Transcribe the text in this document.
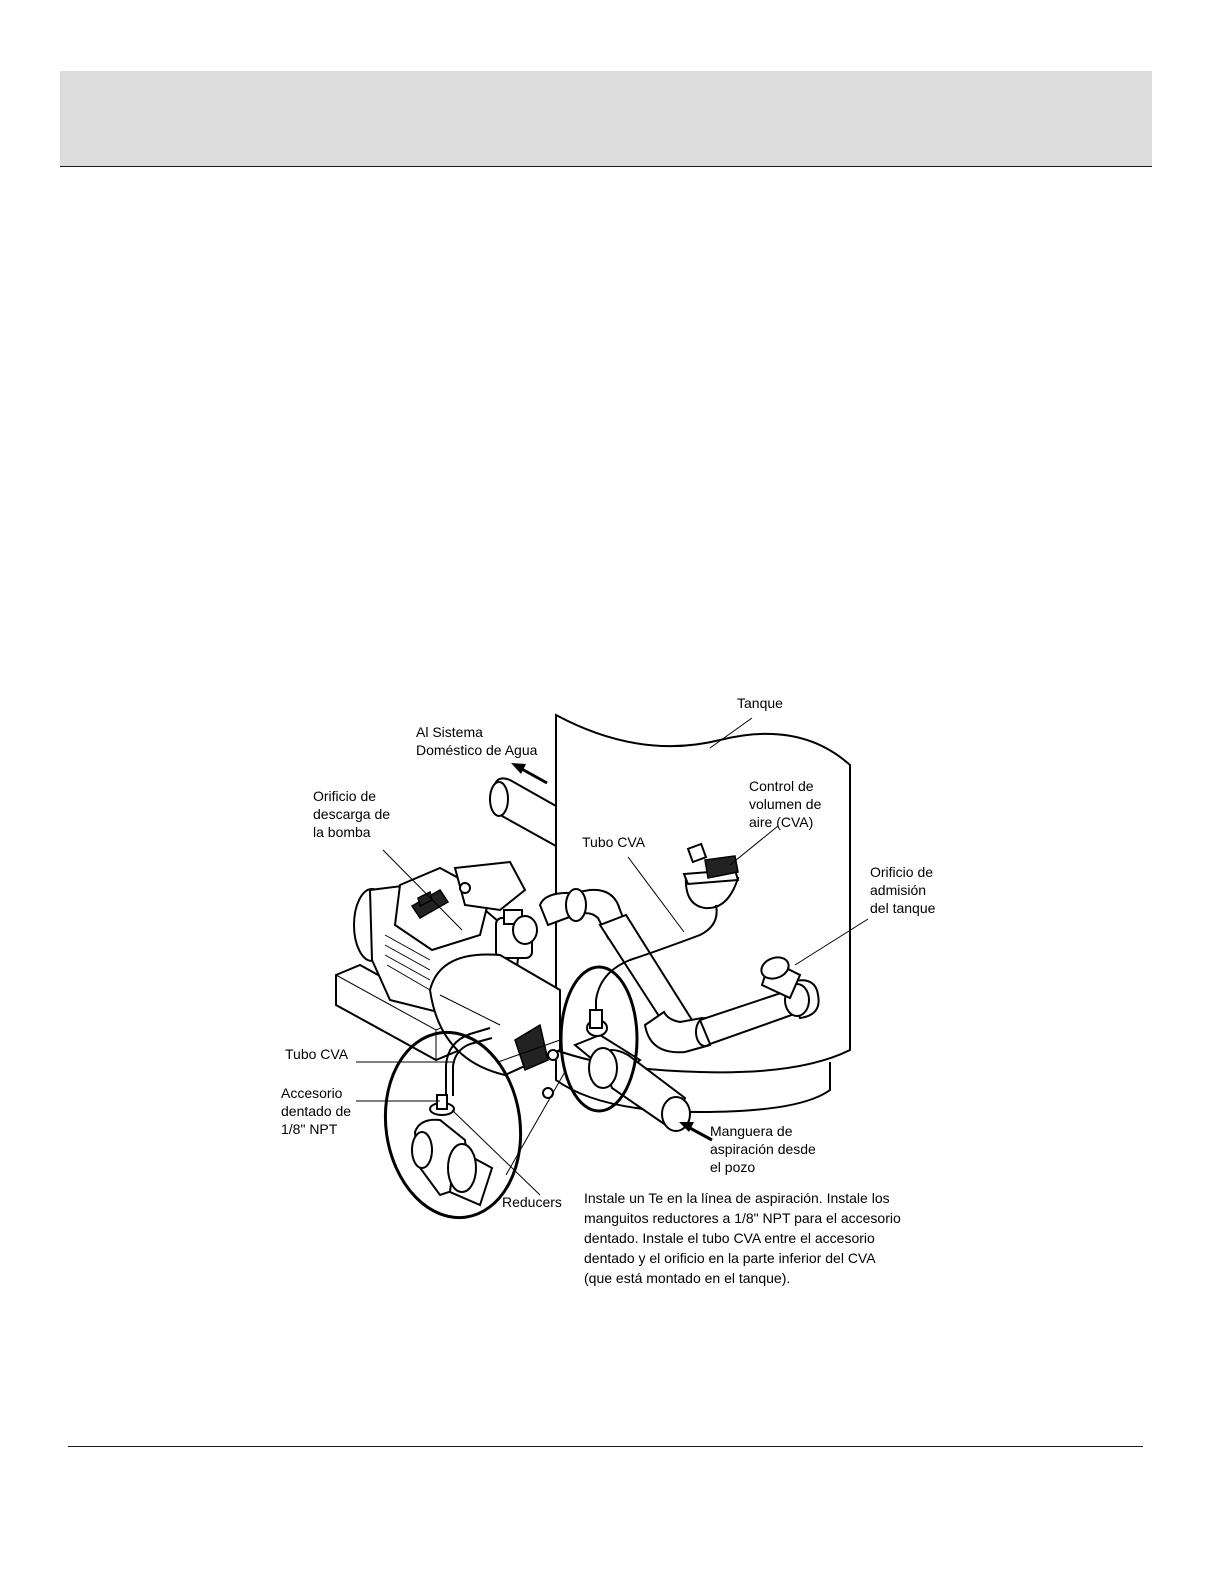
Tanque
Al Sistema
Doméstico de Agua
Control de
volumen de
aire (CVA)
Orificio de
descarga de
la bomba
Tubo CVA
Orificio de
admisión
del tanque
Tubo CVA
Accesorio
dentado de
1/8" NPT	Manguera de
aspiración desde
el pozo
Reducers Instale un Te en la línea de aspiración. Instale los
manguitos reductores a 1/8" NPT para el accesorio
dentado. Instale el tubo CVA entre el accesorio
dentado y el orificio en la parte inferior del CVA
(que está montado en el tanque).
